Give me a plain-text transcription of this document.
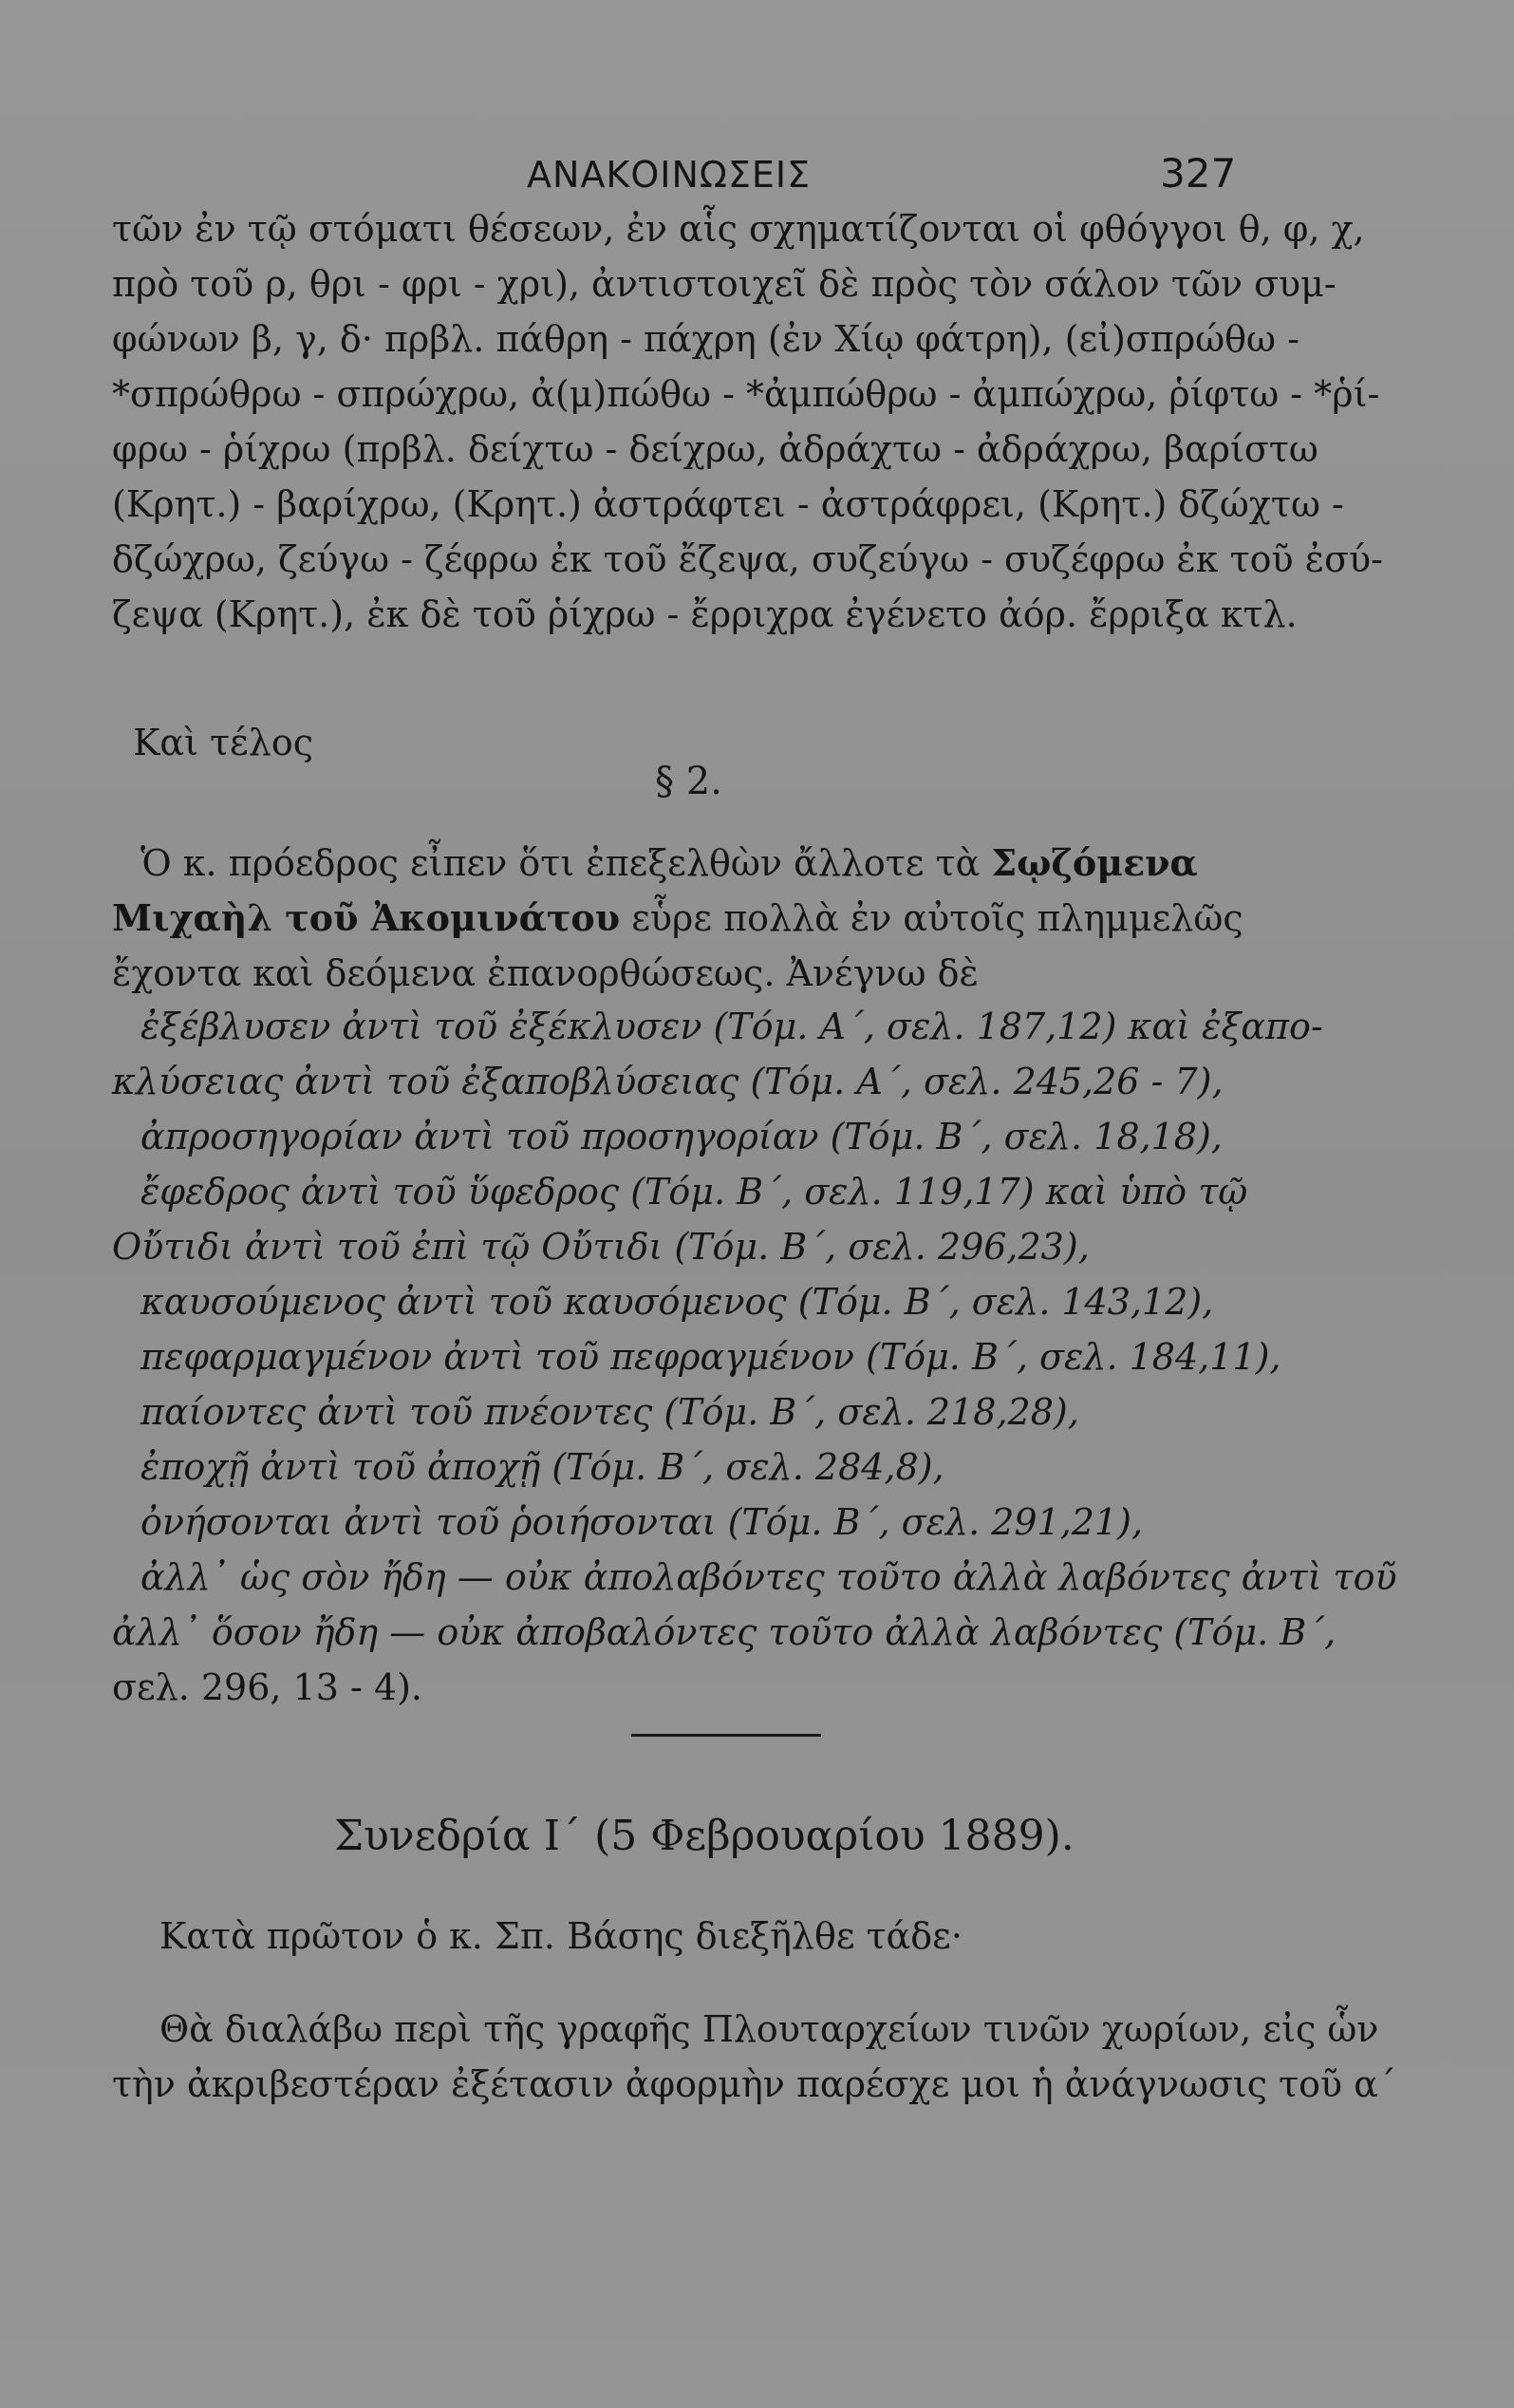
ΑΝΑΚΟΙΝΩΣΕΙΣ	327
τῶν ἐν τῷ στόματι θέσεων, ἐν αἷς σχηματίζονται οἱ φθόγγοι θ, φ, χ,
πρὸ τοῦ ρ, θρι - φρι - χρι), ἀντιστοιχεῖ δὲ πρὸς τὸν σάλον τῶν συμ-
φώνων β, γ, δ· πρβλ. πάθρη - πάχρη (ἐν Χίῳ φάτρη), (εἰ)σπρώθω -
*σπρώθρω - σπρώχρω, ἀ(μ)πώθω - *ἀμπώθρω - ἀμπώχρω, ῥίφτω - *ῥί-
φρω - ῥίχρω (πρβλ. δείχτω - δείχρω, ἀδράχτω - ἀδράχρω, βαρίστω
(Κρητ.) - βαρίχρω, (Κρητ.) ἀστράφτει - ἀστράφρει, (Κρητ.) δζώχτω -
δζώχρω, ζεύγω - ζέφρω ἐκ τοῦ ἔζεψα, συζεύγω - συζέφρω ἐκ τοῦ ἐσύ-
ζεψα (Κρητ.), ἐκ δὲ τοῦ ῥίχρω - ἔρριχρα ἐγένετο ἀόρ. ἔρριξα κτλ.
Καὶ τέλος
§ 2.
Ὁ κ. πρόεδρος εἶπεν ὅτι ἐπεξελθὼν ἄλλοτε τὰ Σῳζόμενα
Μιχαὴλ τοῦ Ἀκομινάτου εὗρε πολλὰ ἐν αὐτοῖς πλημμελῶς
ἔχοντα καὶ δεόμενα ἐπανορθώσεως. Ἀνέγνω δὲ
ἐξέβλυσεν ἀντὶ τοῦ ἐξέκλυσεν (Τόμ. Α΄, σελ. 187,12) καὶ ἐξαπο-
κλύσειας ἀντὶ τοῦ ἐξαποβλύσειας (Τόμ. Α΄, σελ. 245,26 - 7),
ἀπροσηγορίαν ἀντὶ τοῦ προσηγορίαν (Τόμ. Β΄, σελ. 18,18),
ἔφεδρος ἀντὶ τοῦ ὕφεδρος (Τόμ. Β΄, σελ. 119,17) καὶ ὑπὸ τῷ
Οὔτιδι ἀντὶ τοῦ ἐπὶ τῷ Οὔτιδι (Τόμ. Β΄, σελ. 296,23),
καυσούμενος ἀντὶ τοῦ καυσόμενος (Τόμ. Β΄, σελ. 143,12),
πεφαρμαγμένον ἀντὶ τοῦ πεφραγμένον (Τόμ. Β΄, σελ. 184,11),
παίοντες ἀντὶ τοῦ πνέοντες (Τόμ. Β΄, σελ. 218,28),
ἐποχῇ ἀντὶ τοῦ ἀποχῇ (Τόμ. Β΄, σελ. 284,8),
ὀνήσονται ἀντὶ τοῦ ῥοιήσονται (Τόμ. Β΄, σελ. 291,21),
ἀλλ᾽ ὡς σὸν ἤδη — οὐκ ἀπολαβόντες τοῦτο ἀλλὰ λαβόντες ἀντὶ τοῦ
ἀλλ᾽ ὅσον ἤδη — οὐκ ἀποβαλόντες τοῦτο ἀλλὰ λαβόντες (Τόμ. Β΄,
σελ. 296, 13 - 4).
Συνεδρία Ι΄ (5 Φεβρουαρίου 1889).
Κατὰ πρῶτον ὁ κ. Σπ. Βάσης διεξῆλθε τάδε·
Θὰ διαλάβω περὶ τῆς γραφῆς Πλουταρχείων τινῶν χωρίων, εἰς ὧν
τὴν ἀκριβεστέραν ἐξέτασιν ἀφορμὴν παρέσχε μοι ἡ ἀνάγνωσις τοῦ α΄
